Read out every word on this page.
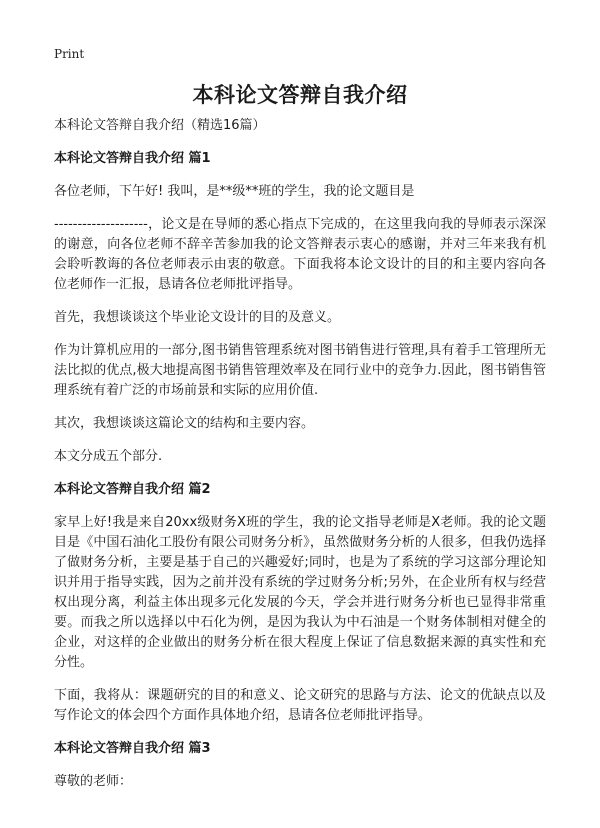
Print
本科论文答辩自我介绍

本科论文答辩自我介绍（精选16篇）

本科论文答辩自我介绍 篇1

各位老师，下午好! 我叫，是**级**班的学生，我的论文题目是

--------------------，论文是在导师的悉心指点下完成的，在这里我向我的导师表示深深的谢意，向各位老师不辞辛苦参加我的论文答辩表示衷心的感谢，并对三年来我有机会聆听教诲的各位老师表示由衷的敬意。下面我将本论文设计的目的和主要内容向各位老师作一汇报，恳请各位老师批评指导。

首先，我想谈谈这个毕业论文设计的目的及意义。

作为计算机应用的一部分,图书销售管理系统对图书销售进行管理,具有着手工管理所无法比拟的优点,极大地提高图书销售管理效率及在同行业中的竞争力.因此，图书销售管理系统有着广泛的市场前景和实际的应用价值.

其次，我想谈谈这篇论文的结构和主要内容。

本文分成五个部分.

本科论文答辩自我介绍 篇2

家早上好!我是来自20xx级财务X班的学生，我的论文指导老师是X老师。我的论文题目是《中国石油化工股份有限公司财务分析》，虽然做财务分析的人很多，但我仍选择了做财务分析，主要是基于自己的兴趣爱好;同时，也是为了系统的学习这部分理论知识并用于指导实践，因为之前并没有系统的学过财务分析;另外，在企业所有权与经营权出现分离，利益主体出现多元化发展的今天，学会并进行财务分析也已显得非常重要。而我之所以选择以中石化为例，是因为我认为中石油是一个财务体制相对健全的企业，对这样的企业做出的财务分析在很大程度上保证了信息数据来源的真实性和充分性。

下面，我将从：课题研究的目的和意义、论文研究的思路与方法、论文的优缺点以及写作论文的体会四个方面作具体地介绍，恳请各位老师批评指导。

本科论文答辩自我介绍 篇3

尊敬的老师：
